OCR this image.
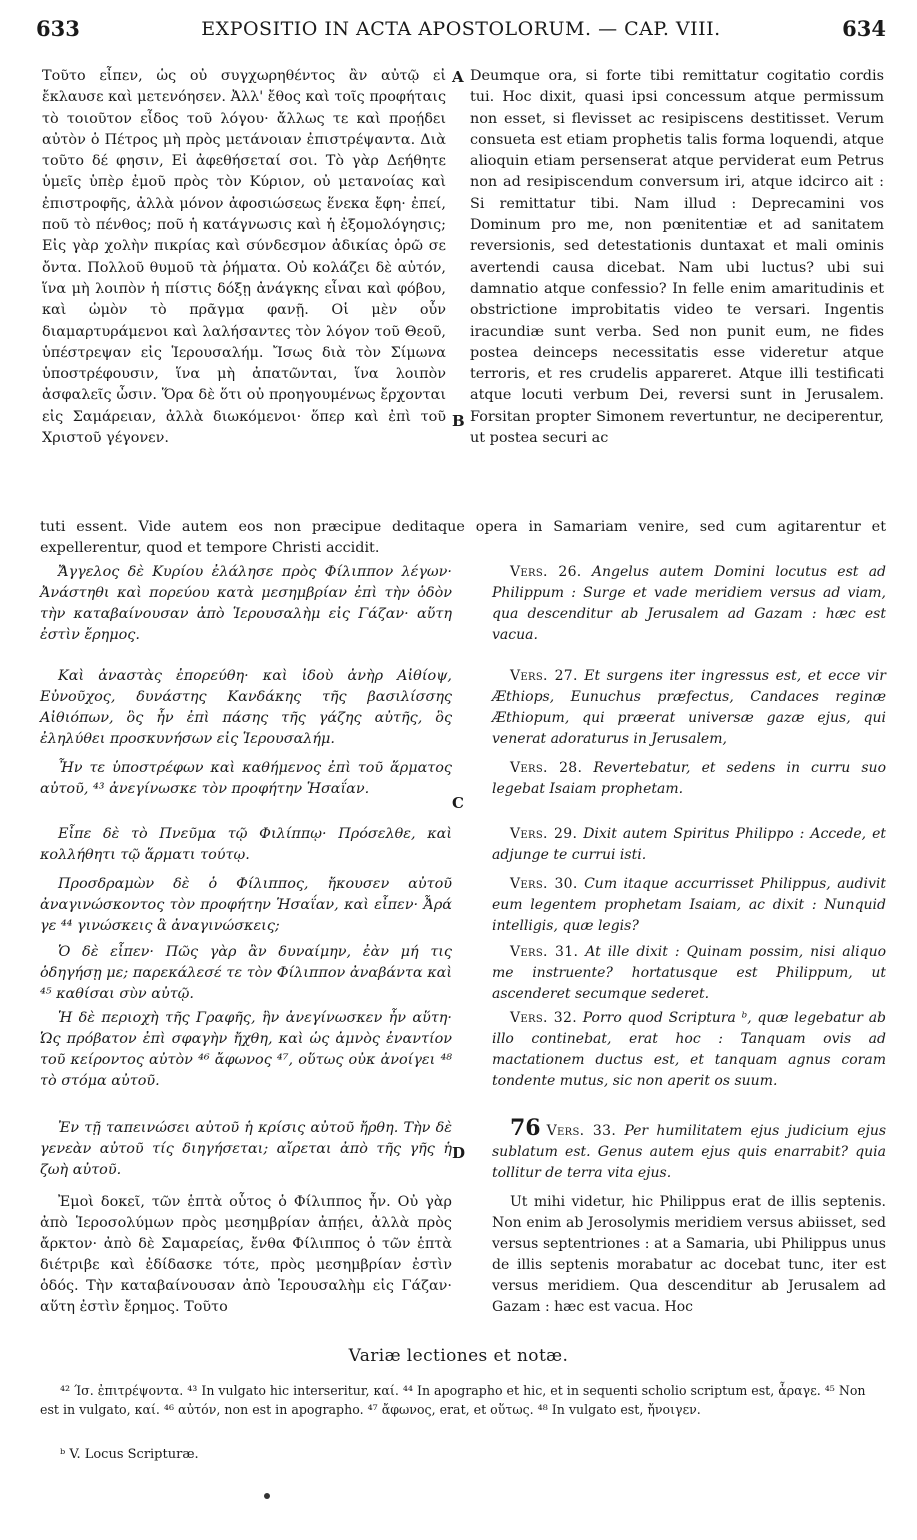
633	EXPOSITIO IN ACTA APOSTOLORUM. — CAP. VIII.	634
A
B
C
D

Τοῦτο εἶπεν, ὡς οὐ συγχωρηθέντος ἂν αὐτῷ εἰ ἔκλαυσε καὶ μετενόησεν. Ἀλλ' ἔθος καὶ τοῖς προφήταις τὸ τοιοῦτον εἶδος τοῦ λόγου· ἄλλως τε καὶ προῄδει αὐτὸν ὁ Πέτρος μὴ πρὸς μετάνοιαν ἐπιστρέψαντα. Διὰ τοῦτο δέ φησιν, Εἰ ἀφεθήσεταί σοι. Τὸ γὰρ Δεήθητε ὑμεῖς ὑπὲρ ἐμοῦ πρὸς τὸν Κύριον, οὐ μετανοίας καὶ ἐπιστροφῆς, ἀλλὰ μόνον ἀφοσιώσεως ἕνεκα ἔφη· ἐπεί, ποῦ τὸ πένθος; ποῦ ἡ κατάγνωσις καὶ ἡ ἐξομολόγησις; Εἰς γὰρ χολὴν πικρίας καὶ σύνδεσμον ἀδικίας ὁρῶ σε ὄντα. Πολλοῦ θυμοῦ τὰ ῥήματα. Οὐ κολάζει δὲ αὐτόν, ἵνα μὴ λοιπὸν ἡ πίστις δόξῃ ἀνάγκης εἶναι καὶ φόβου, καὶ ὠμὸν τὸ πρᾶγμα φανῇ. Οἱ μὲν οὖν διαμαρτυράμενοι καὶ λαλήσαντες τὸν λόγον τοῦ Θεοῦ, ὑπέστρεψαν εἰς Ἱερουσαλήμ. Ἴσως διὰ τὸν Σίμωνα ὑποστρέφουσιν, ἵνα μὴ ἀπατῶνται, ἵνα λοιπὸν ἀσφαλεῖς ὦσιν. Ὅρα δὲ ὅτι οὐ προηγουμένως ἔρχονται εἰς Σαμάρειαν, ἀλλὰ διωκόμενοι· ὅπερ καὶ ἐπὶ τοῦ Χριστοῦ γέγονεν.

Deumque ora, si forte tibi remittatur cogitatio cordis tui. Hoc dixit, quasi ipsi concessum atque permissum non esset, si flevisset ac resipiscens destitisset. Verum consueta est etiam prophetis talis forma loquendi, atque alioquin etiam persenserat atque perviderat eum Petrus non ad resipiscendum conversum iri, atque idcirco ait : Si remittatur tibi. Nam illud : Deprecamini vos Dominum pro me, non pœnitentiæ et ad sanitatem reversionis, sed detestationis duntaxat et mali ominis avertendi causa dicebat. Nam ubi luctus? ubi sui damnatio atque confessio? In felle enim amaritudinis et obstrictione improbitatis video te versari. Ingentis iracundiæ sunt verba. Sed non punit eum, ne fides postea deinceps necessitatis esse videretur atque terroris, et res crudelis appareret. Atque illi testificati atque locuti verbum Dei, reversi sunt in Jerusalem. Forsitan propter Simonem revertuntur, ne deciperentur, ut postea securi ac

tuti essent. Vide autem eos non præcipue deditaque opera in Samariam venire, sed cum agitarentur et expellerentur, quod et tempore Christi accidit.

Ἄγγελος δὲ Κυρίου ἐλάλησε πρὸς Φίλιππον λέγων· Ἀνάστηθι καὶ πορεύου κατὰ μεσημβρίαν ἐπὶ τὴν ὁδὸν τὴν καταβαίνουσαν ἀπὸ Ἱερουσαλὴμ εἰς Γάζαν· αὕτη ἐστὶν ἔρημος.
Vers. 26. Angelus autem Domini locutus est ad Philippum : Surge et vade meridiem versus ad viam, qua descenditur ab Jerusalem ad Gazam : hæc est vacua.
Καὶ ἀναστὰς ἐπορεύθη· καὶ ἰδοὺ ἀνὴρ Αἰθίοψ, Εὐνοῦχος, δυνάστης Κανδάκης τῆς βασιλίσσης Αἰθιόπων, ὃς ἦν ἐπὶ πάσης τῆς γάζης αὐτῆς, ὃς ἐληλύθει προσκυνήσων εἰς Ἱερουσαλήμ.
Vers. 27. Et surgens iter ingressus est, et ecce vir Æthiops, Eunuchus præfectus, Candaces reginæ Æthiopum, qui præerat universæ gazæ ejus, qui venerat adoraturus in Jerusalem,
Ἦν τε ὑποστρέφων καὶ καθήμενος ἐπὶ τοῦ ἅρματος αὐτοῦ, ⁴³ ἀνεγίνωσκε τὸν προφήτην Ἡσαΐαν.
Vers. 28. Revertebatur, et sedens in curru suo legebat Isaiam prophetam.
Εἶπε δὲ τὸ Πνεῦμα τῷ Φιλίππῳ· Πρόσελθε, καὶ κολλήθητι τῷ ἅρματι τούτῳ.
Vers. 29. Dixit autem Spiritus Philippo : Accede, et adjunge te currui isti.
Προσδραμὼν δὲ ὁ Φίλιππος, ἤκουσεν αὐτοῦ ἀναγινώσκοντος τὸν προφήτην Ἡσαΐαν, καὶ εἶπεν· Ἆρά γε ⁴⁴ γινώσκεις ἃ ἀναγινώσκεις;
Vers. 30. Cum itaque accurrisset Philippus, audivit eum legentem prophetam Isaiam, ac dixit : Nunquid intelligis, quæ legis?
Ὁ δὲ εἶπεν· Πῶς γὰρ ἂν δυναίμην, ἐὰν μή τις ὁδηγήσῃ με; παρεκάλεσέ τε τὸν Φίλιππον ἀναβάντα καὶ ⁴⁵ καθίσαι σὺν αὐτῷ.
Vers. 31. At ille dixit : Quinam possim, nisi aliquo me instruente? hortatusque est Philippum, ut ascenderet secumque sederet.
Ἡ δὲ περιοχὴ τῆς Γραφῆς, ἣν ἀνεγίνωσκεν ἦν αὕτη· Ὡς πρόβατον ἐπὶ σφαγὴν ἤχθη, καὶ ὡς ἀμνὸς ἐναντίον τοῦ κείροντος αὐτὸν ⁴⁶ ἄφωνος ⁴⁷, οὕτως οὐκ ἀνοίγει ⁴⁸ τὸ στόμα αὐτοῦ.
Vers. 32. Porro quod Scriptura ᵇ, quæ legebatur ab illo continebat, erat hoc : Tanquam ovis ad mactationem ductus est, et tanquam agnus coram tondente mutus, sic non aperit os suum.
Ἐν τῇ ταπεινώσει αὐτοῦ ἡ κρίσις αὐτοῦ ἤρθη. Τὴν δὲ γενεὰν αὐτοῦ τίς διηγήσεται; αἴρεται ἀπὸ τῆς γῆς ἡ ζωὴ αὐτοῦ.
76 Vers. 33. Per humilitatem ejus judicium ejus sublatum est. Genus autem ejus quis enarrabit? quia tollitur de terra vita ejus.
Ἐμοὶ δοκεῖ, τῶν ἑπτὰ οὗτος ὁ Φίλιππος ἦν. Οὐ γὰρ ἀπὸ Ἱεροσολύμων πρὸς μεσημβρίαν ἀπῄει, ἀλλὰ πρὸς ἄρκτον· ἀπὸ δὲ Σαμαρείας, ἔνθα Φίλιππος ὁ τῶν ἑπτὰ διέτριβε καὶ ἐδίδασκε τότε, πρὸς μεσημβρίαν ἐστὶν ὁδός. Τὴν καταβαίνουσαν ἀπὸ Ἱερουσαλὴμ εἰς Γάζαν· αὕτη ἐστὶν ἔρημος. Τοῦτο
Ut mihi videtur, hic Philippus erat de illis septenis. Non enim ab Jerosolymis meridiem versus abiisset, sed versus septentriones : at a Samaria, ubi Philippus unus de illis septenis morabatur ac docebat tunc, iter est versus meridiem. Qua descenditur ab Jerusalem ad Gazam : hæc est vacua. Hoc
Variæ lectiones et notæ.

⁴² Ίσ. ἐπιτρέψοντα. ⁴³ In vulgato hic interseritur, καί. ⁴⁴ In apographo et hic, et in sequenti scholio scriptum est, ἆραγε. ⁴⁵ Non est in vulgato, καί. ⁴⁶ αὐτόν, non est in apographo. ⁴⁷ ἄφωνος, erat, et οὕτως. ⁴⁸ In vulgato est, ἤνοιγεν.

ᵇ V. Locus Scripturæ.
